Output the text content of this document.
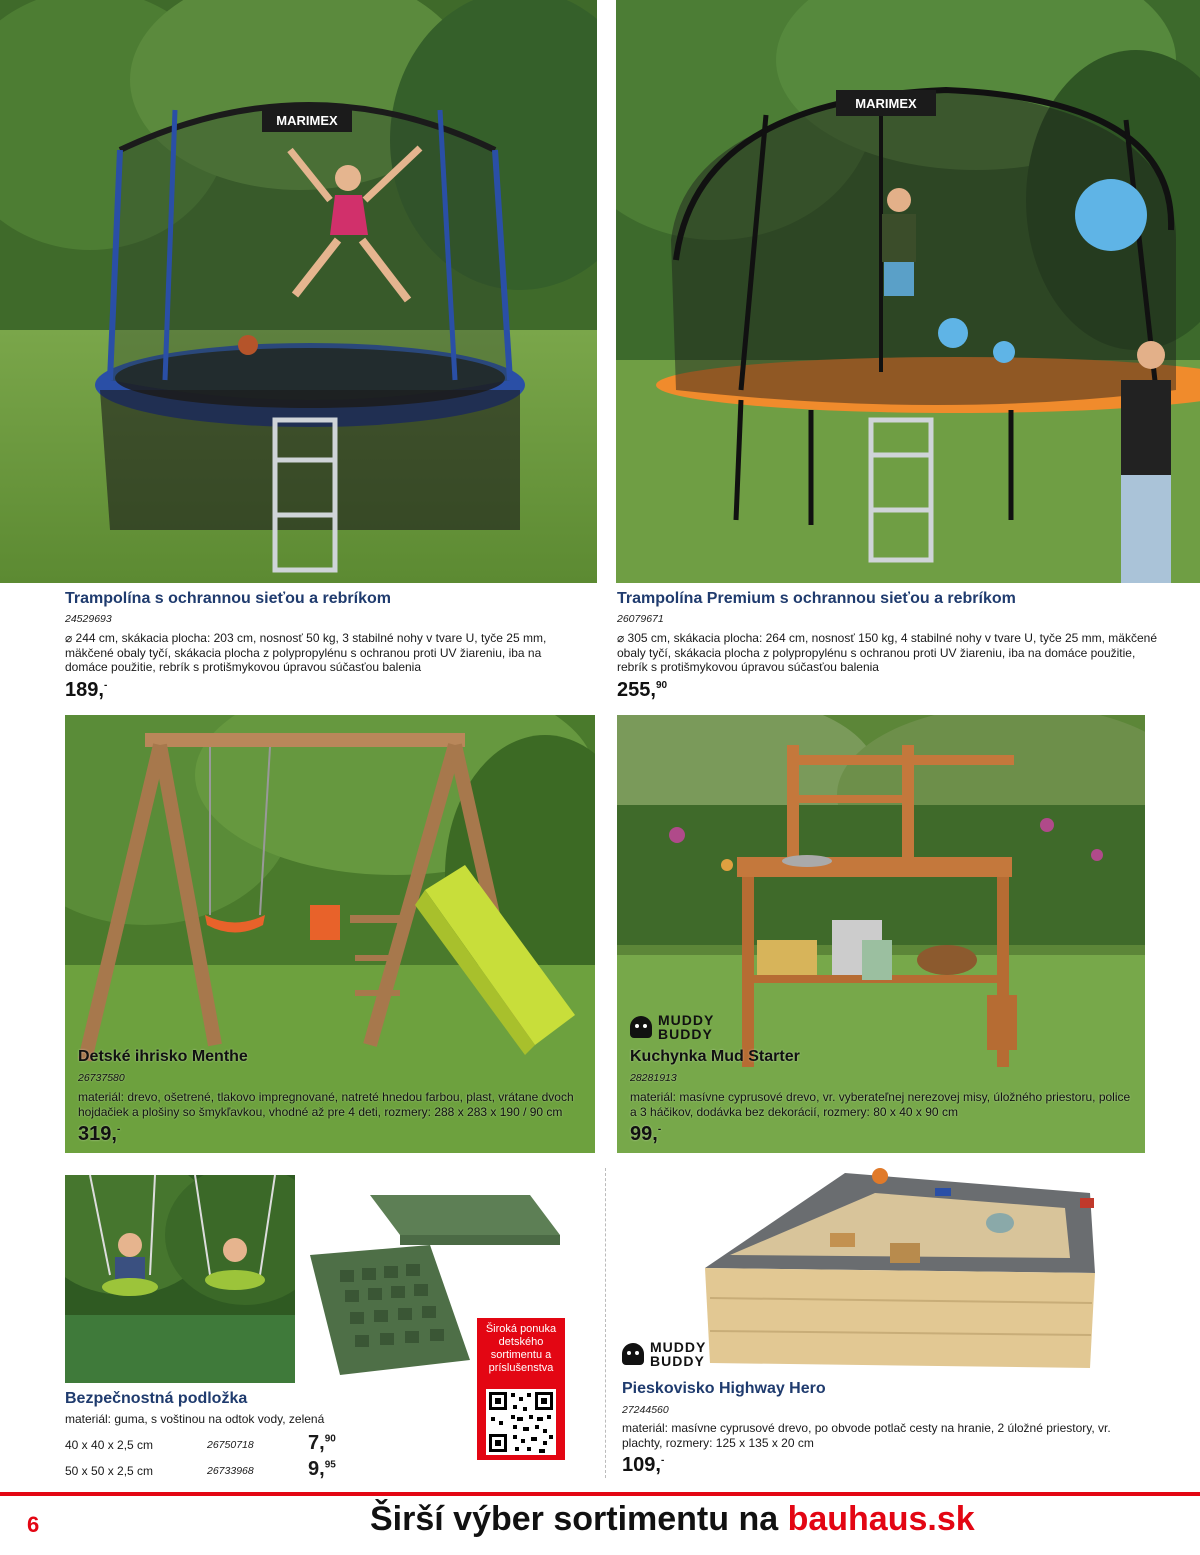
MARIMEX
MARIMEX
Trampolína s ochrannou sieťou a rebríkom
24529693
⌀ 244 cm, skákacia plocha: 203 cm, nosnosť 50 kg, 3 stabilné nohy v tvare U, tyče 25 mm, mäkčené obaly tyčí, skákacia plocha z polypropylénu s ochranou proti UV žiareniu, iba na domáce použitie, rebrík s protišmykovou úpravou súčasťou balenia
189,-
Trampolína Premium s ochrannou sieťou a rebríkom
26079671
⌀ 305 cm, skákacia plocha: 264 cm, nosnosť 150 kg, 4 stabilné nohy v tvare U, tyče 25 mm, mäkčené obaly tyčí, skákacia plocha z polypropylénu s ochranou proti UV žiareniu, iba na domáce použitie, rebrík s protišmykovou úpravou súčasťou balenia
255,90
Detské ihrisko Menthe
26737580
materiál: drevo, ošetrené, tlakovo impregnované, natreté hnedou farbou, plast, vrátane dvoch hojdačiek a plošiny so šmykľavkou, vhodné až pre 4 deti, rozmery: 288 x 283 x 190 / 90 cm
319,-
MUDDY
BUDDY
Kuchynka Mud Starter
28281913
materiál: masívne cyprusové drevo, vr. vyberateľnej nerezovej misy, úložného priestoru, police a 3 háčikov, dodávka bez dekorácií, rozmery: 80 x 40 x 90 cm
99,-
Široká ponuka detského sortimentu a príslušenstva
Bezpečnostná podložka
materiál: guma, s voštinou na odtok vody, zelená
40 x 40 x 2,5 cm	26750718	7,90
50 x 50 x 2,5 cm	26733968	9,95
MUDDY
BUDDY
Pieskovisko Highway Hero
27244560
materiál: masívne cyprusové drevo, po obvode potlač cesty na hranie, 2 úložné priestory, vr. plachty, rozmery: 125 x 135 x 20 cm
109,-
6	Širší výber sortimentu na bauhaus.sk
